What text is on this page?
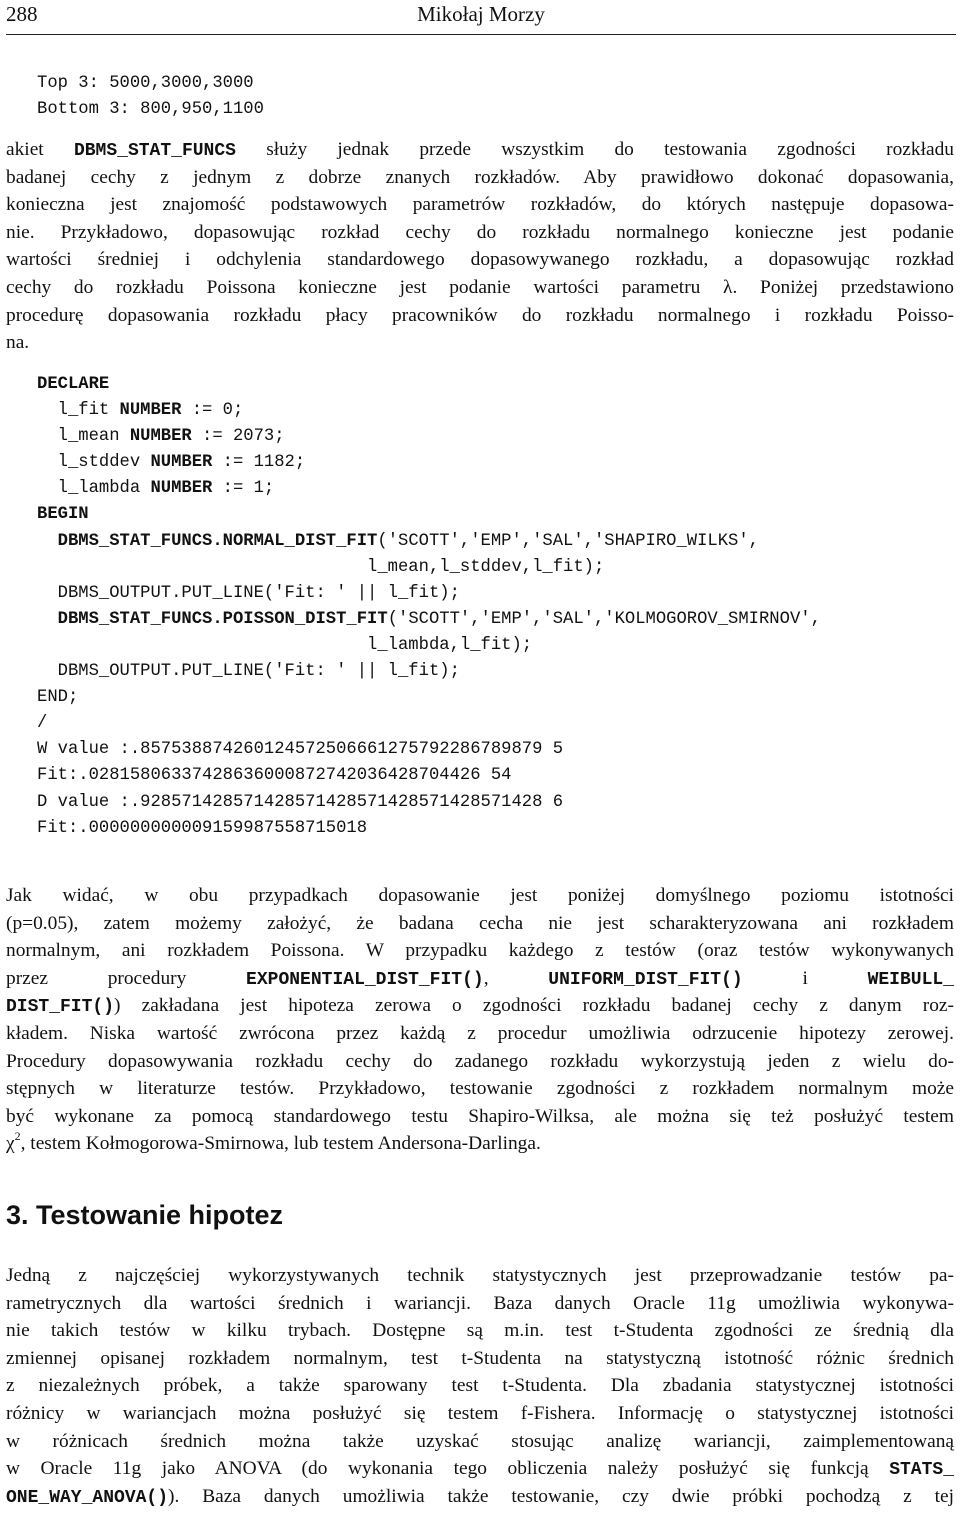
288	Mikołaj Morzy
Top 3: 5000,3000,3000
Bottom 3: 800,950,1100
akiet DBMS_STAT_FUNCS służy jednak przede wszystkim do testowania zgodności rozkładu
badanej cechy z jednym z dobrze znanych rozkładów. Aby prawidłowo dokonać dopasowania,
konieczna jest znajomość podstawowych parametrów rozkładów, do których następuje dopasowa-
nie. Przykładowo, dopasowując rozkład cechy do rozkładu normalnego konieczne jest podanie
wartości średniej i odchylenia standardowego dopasowywanego rozkładu, a dopasowując rozkład
cechy do rozkładu Poissona konieczne jest podanie wartości parametru λ. Poniżej przedstawiono
procedurę dopasowania rozkładu płacy pracowników do rozkładu normalnego i rozkładu Poisso-
na.
DECLARE
l_fit NUMBER := 0;
l_mean NUMBER := 2073;
l_stddev NUMBER := 1182;
l_lambda NUMBER := 1;
BEGIN
DBMS_STAT_FUNCS.NORMAL_DIST_FIT('SCOTT','EMP','SAL','SHAPIRO_WILKS',
l_mean,l_stddev,l_fit);
DBMS_OUTPUT.PUT_LINE('Fit: ' || l_fit);
DBMS_STAT_FUNCS.POISSON_DIST_FIT('SCOTT','EMP','SAL','KOLMOGOROV_SMIRNOV',
l_lambda,l_fit);
DBMS_OUTPUT.PUT_LINE('Fit: ' || l_fit);
END;
/
W value :.857538874260124572506661275792286789879 5
Fit:.02815806337428636000872742036428704426 54
D value :.928571428571428571428571428571428571428 6
Fit:.000000000009159987558715018
Jak widać, w obu przypadkach dopasowanie jest poniżej domyślnego poziomu istotności
(p=0.05), zatem możemy założyć, że badana cecha nie jest scharakteryzowana ani rozkładem
normalnym, ani rozkładem Poissona. W przypadku każdego z testów (oraz testów wykonywanych
przez procedury EXPONENTIAL_DIST_FIT(), UNIFORM_DIST_FIT() i WEIBULL_
DIST_FIT()) zakładana jest hipoteza zerowa o zgodności rozkładu badanej cechy z danym roz-
kładem. Niska wartość zwrócona przez każdą z procedur umożliwia odrzucenie hipotezy zerowej.
Procedury dopasowywania rozkładu cechy do zadanego rozkładu wykorzystują jeden z wielu do-
stępnych w literaturze testów. Przykładowo, testowanie zgodności z rozkładem normalnym może
być wykonane za pomocą standardowego testu Shapiro-Wilksa, ale można się też posłużyć testem
$\chi^2$, testem Kołmogorowa-Smirnowa, lub testem Andersona-Darlinga.
3. Testowanie hipotez
Jedną z najczęściej wykorzystywanych technik statystycznych jest przeprowadzanie testów pa-
rametrycznych dla wartości średnich i wariancji. Baza danych Oracle 11g umożliwia wykonywa-
nie takich testów w kilku trybach. Dostępne są m.in. test t-Studenta zgodności ze średnią dla
zmiennej opisanej rozkładem normalnym, test t-Studenta na statystyczną istotność różnic średnich
z niezależnych próbek, a także sparowany test t-Studenta. Dla zbadania statystycznej istotności
różnicy w wariancjach można posłużyć się testem f-Fishera. Informację o statystycznej istotności
w różnicach średnich można także uzyskać stosując analizę wariancji, zaimplementowaną
w Oracle 11g jako ANOVA (do wykonania tego obliczenia należy posłużyć się funkcją STATS_
ONE_WAY_ANOVA()). Baza danych umożliwia także testowanie, czy dwie próbki pochodzą z tej
